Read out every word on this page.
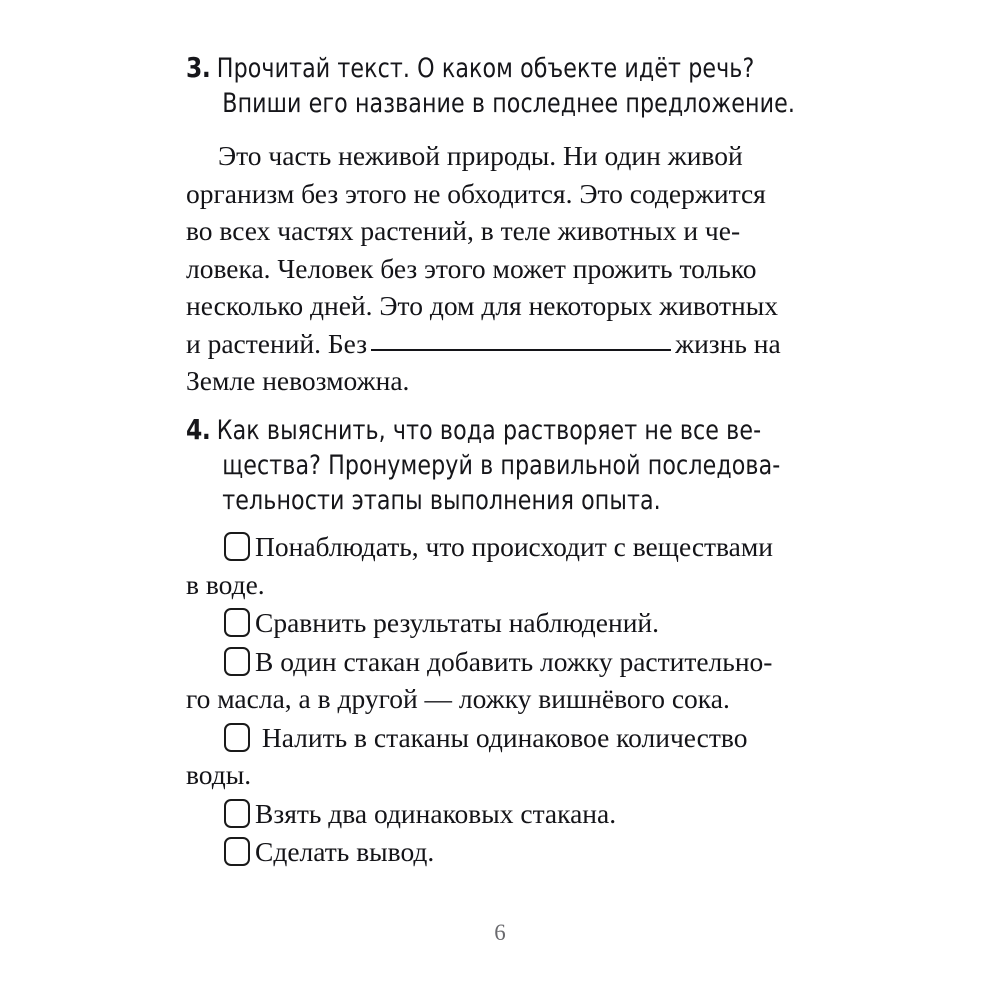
3. Прочитай текст. О каком объекте идёт речь?
Впиши его название в последнее предложение.

Это часть неживой природы. Ни один живой
организм без этого не обходится. Это содержится
во всех частях растений, в теле животных и че-
ловека. Человек без этого может прожить только
несколько дней. Это дом для некоторых животных
и растений. Без	жизнь на
Земле невозможна.

4. Как выяснить, что вода растворяет не все ве-
щества? Пронумеруй в правильной последова-
тельности этапы выполнения опыта.

Понаблюдать, что происходит с веществами
в воде.

Сравнить результаты наблюдений.

В один стакан добавить ложку растительно-
го масла, а в другой — ложку вишнёвого сока.

Налить в стаканы одинаковое количество
воды.

Взять два одинаковых стакана.

Сделать вывод.

6
